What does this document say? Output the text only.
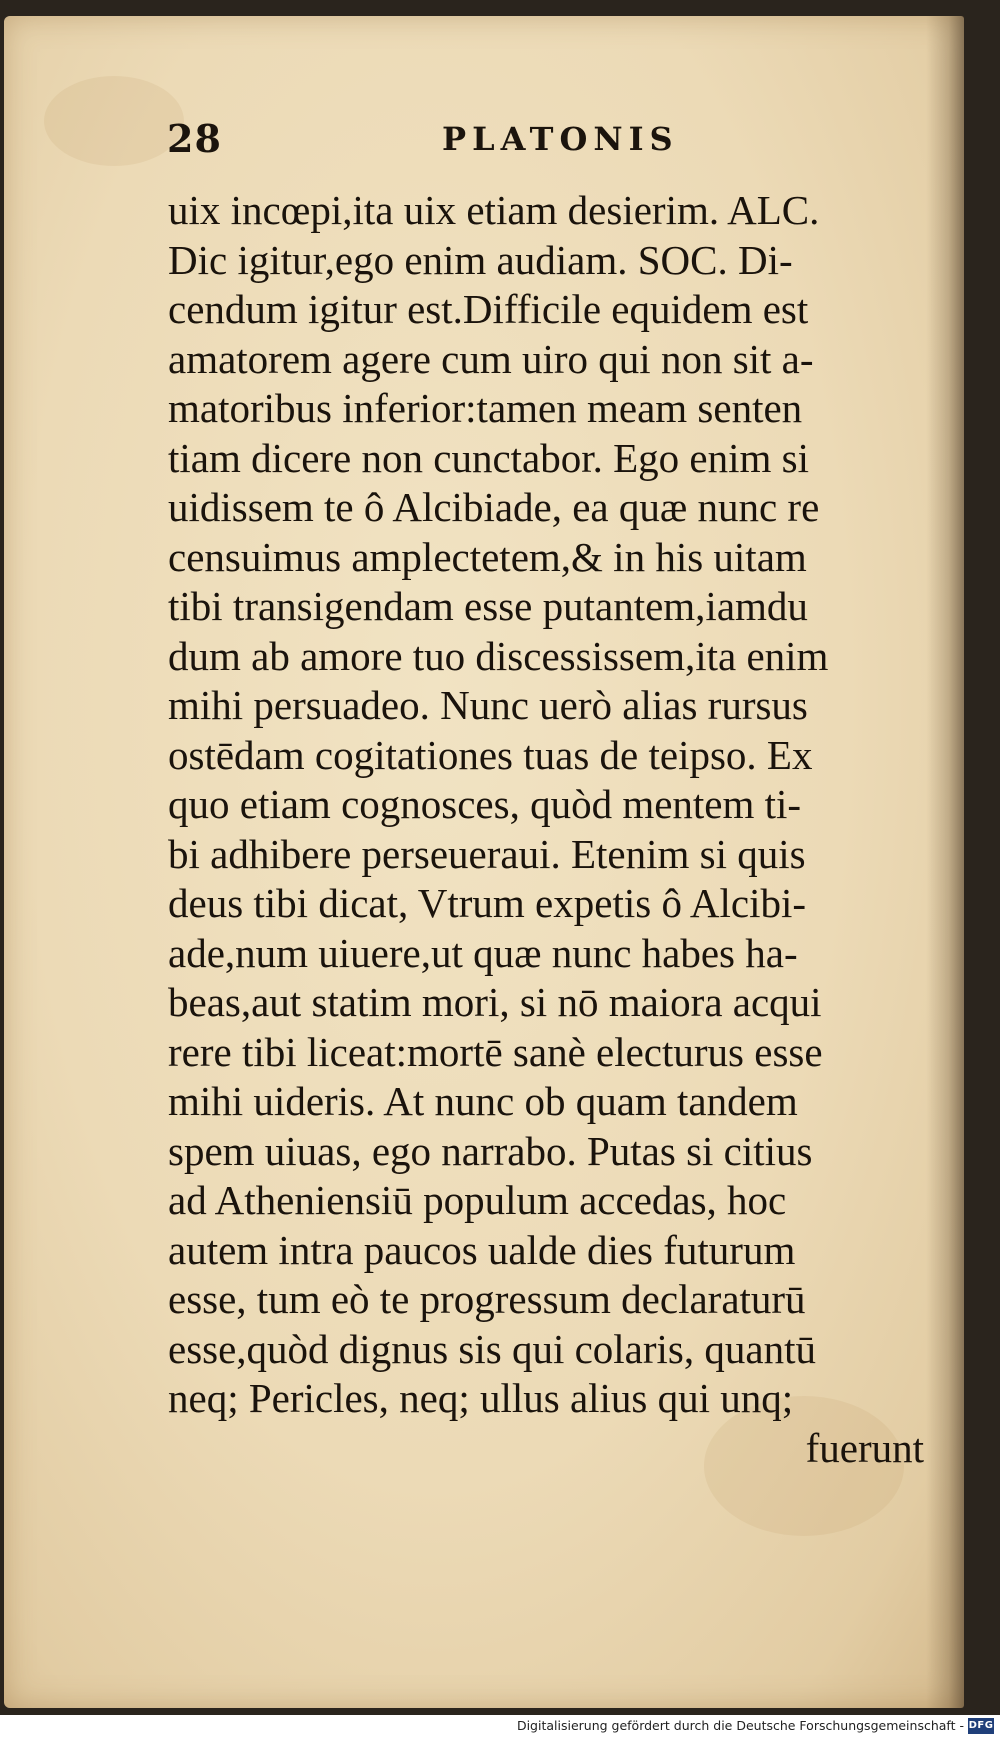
28	PLATONIS
uix incœpi,ita uix etiam desierim. ALC.
Dic igitur,ego enim audiam. SOC. Di-
cendum igitur est.Difficile equidem est
amatorem agere cum uiro qui non sit a-
matoribus inferior:tamen meam senten
tiam dicere non cunctabor. Ego enim si
uidissem te ô Alcibiade, ea quæ nunc re
censuimus amplectetem,& in his uitam
tibi transigendam esse putantem,iamdu
dum ab amore tuo discessissem,ita enim
mihi persuadeo. Nunc uerò alias rursus
ostēdam cogitationes tuas de teipso. Ex
quo etiam cognosces, quòd mentem ti-
bi adhibere perseueraui. Etenim si quis
deus tibi dicat, Vtrum expetis ô Alcibi-
ade,num uiuere,ut quæ nunc habes ha-
beas,aut statim mori, si nō maiora acqui
rere tibi liceat:mortē sanè electurus esse
mihi uideris. At nunc ob quam tandem
spem uiuas, ego narrabo. Putas si citius
ad Atheniensiū populum accedas, hoc
autem intra paucos ualde dies futurum
esse, tum eò te progressum declaraturū
esse,quòd dignus sis qui colaris, quantū
neq; Pericles, neq; ullus alius qui unq;
fuerunt
Digitalisierung gefördert durch die Deutsche Forschungsgemeinschaft - DFG
